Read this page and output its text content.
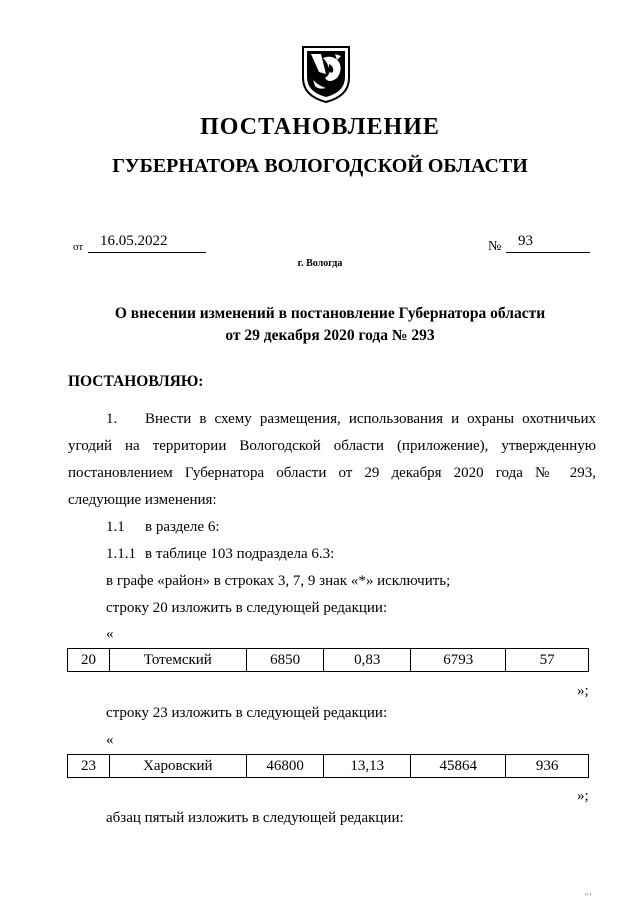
ПОСТАНОВЛЕНИЕ
ГУБЕРНАТОРА ВОЛОГОДСКОЙ ОБЛАСТИ
от	16.05.2022	№	93
г. Вологда
О внесении изменений в постановление Губернатора области
от 29 декабря 2020 года № 293
ПОСТАНОВЛЯЮ:
1. Внести в схему размещения, использования и охраны охотничьих
угодий на территории Вологодской области (приложение), утвержденную
постановлением Губернатора области от 29 декабря 2020 года № 293,
следующие изменения:
1.1 в разделе 6:
1.1.1 в таблице 103 подраздела 6.3:
в графе «район» в строках 3, 7, 9 знак «*» исключить;
строку 20 изложить в следующей редакции:
«
20	Тотемский	6850	0,83	6793	57
»;
строку 23 изложить в следующей редакции:
«
23	Харовский	46800	13,13	45864	936
»;
абзац пятый изложить в следующей редакции:
'' '
